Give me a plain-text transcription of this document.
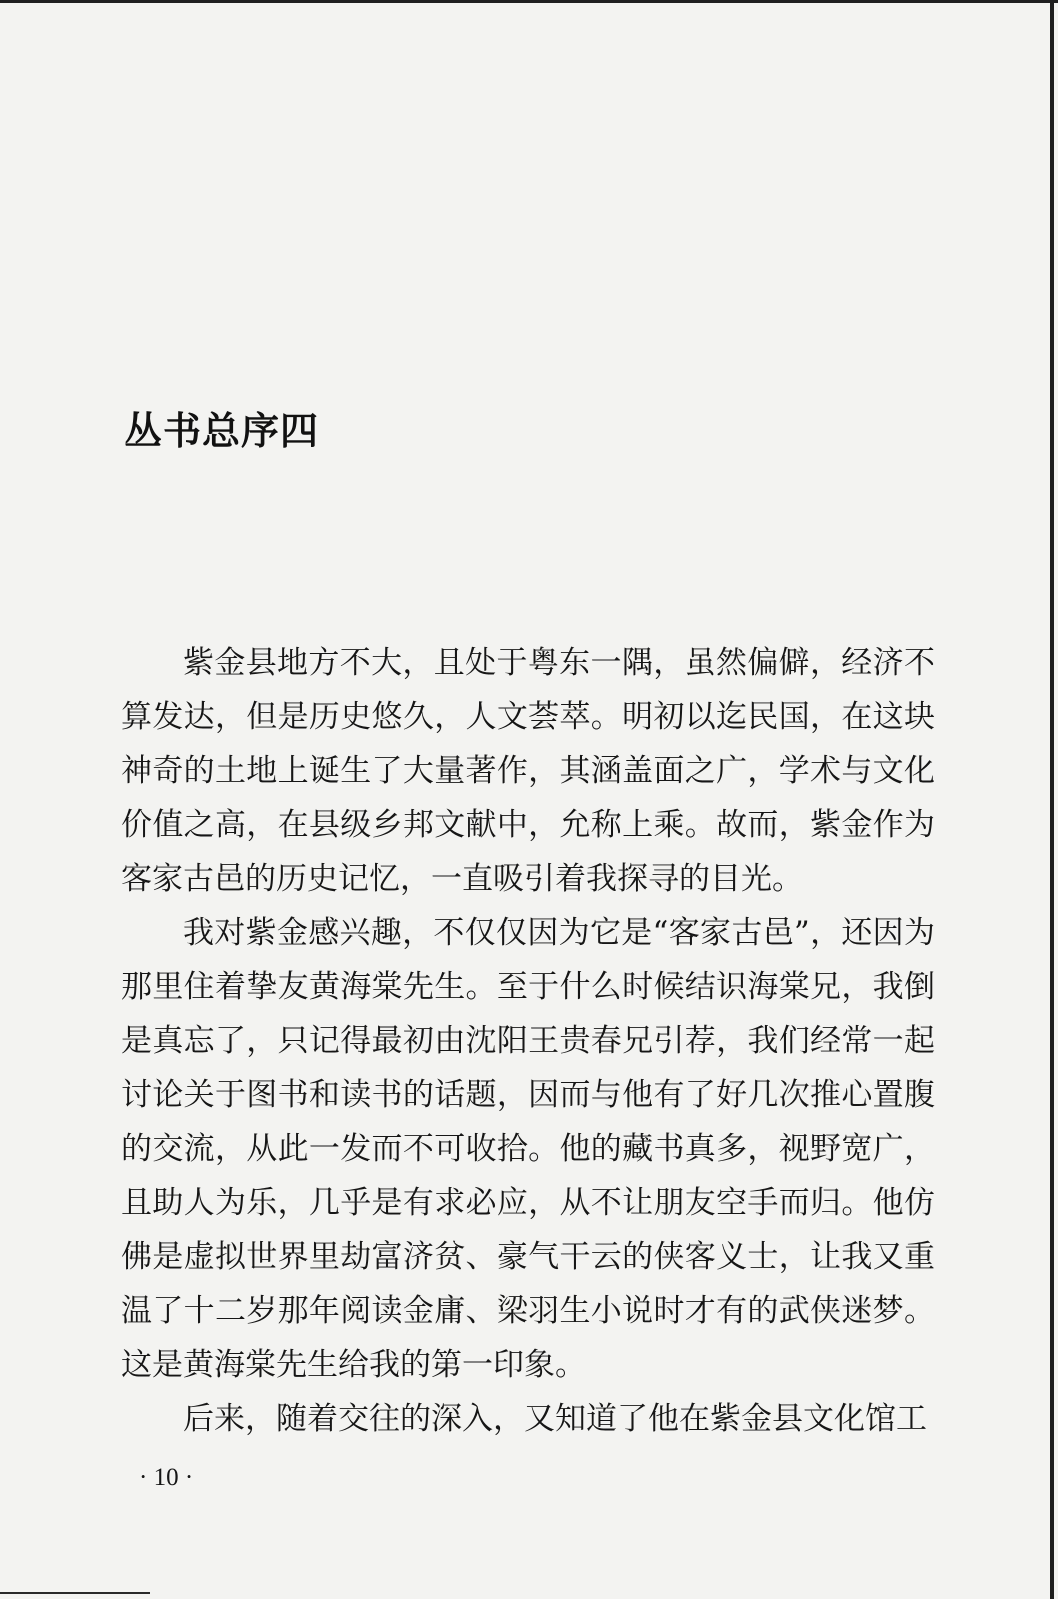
丛书总序四

紫金县地方不大，且处于粤东一隅，虽然偏僻，经济不算发达，但是历史悠久，人文荟萃。明初以迄民国，在这块神奇的土地上诞生了大量著作，其涵盖面之广，学术与文化价值之高，在县级乡邦文献中，允称上乘。故而，紫金作为客家古邑的历史记忆，一直吸引着我探寻的目光。

我对紫金感兴趣，不仅仅因为它是“客家古邑”，还因为那里住着挚友黄海棠先生。至于什么时候结识海棠兄，我倒是真忘了，只记得最初由沈阳王贵春兄引荐，我们经常一起讨论关于图书和读书的话题，因而与他有了好几次推心置腹的交流，从此一发而不可收拾。他的藏书真多，视野宽广，且助人为乐，几乎是有求必应，从不让朋友空手而归。他仿佛是虚拟世界里劫富济贫、豪气干云的侠客义士，让我又重温了十二岁那年阅读金庸、梁羽生小说时才有的武侠迷梦。这是黄海棠先生给我的第一印象。

后来，随着交往的深入，又知道了他在紫金县文化馆工

· 10 ·
